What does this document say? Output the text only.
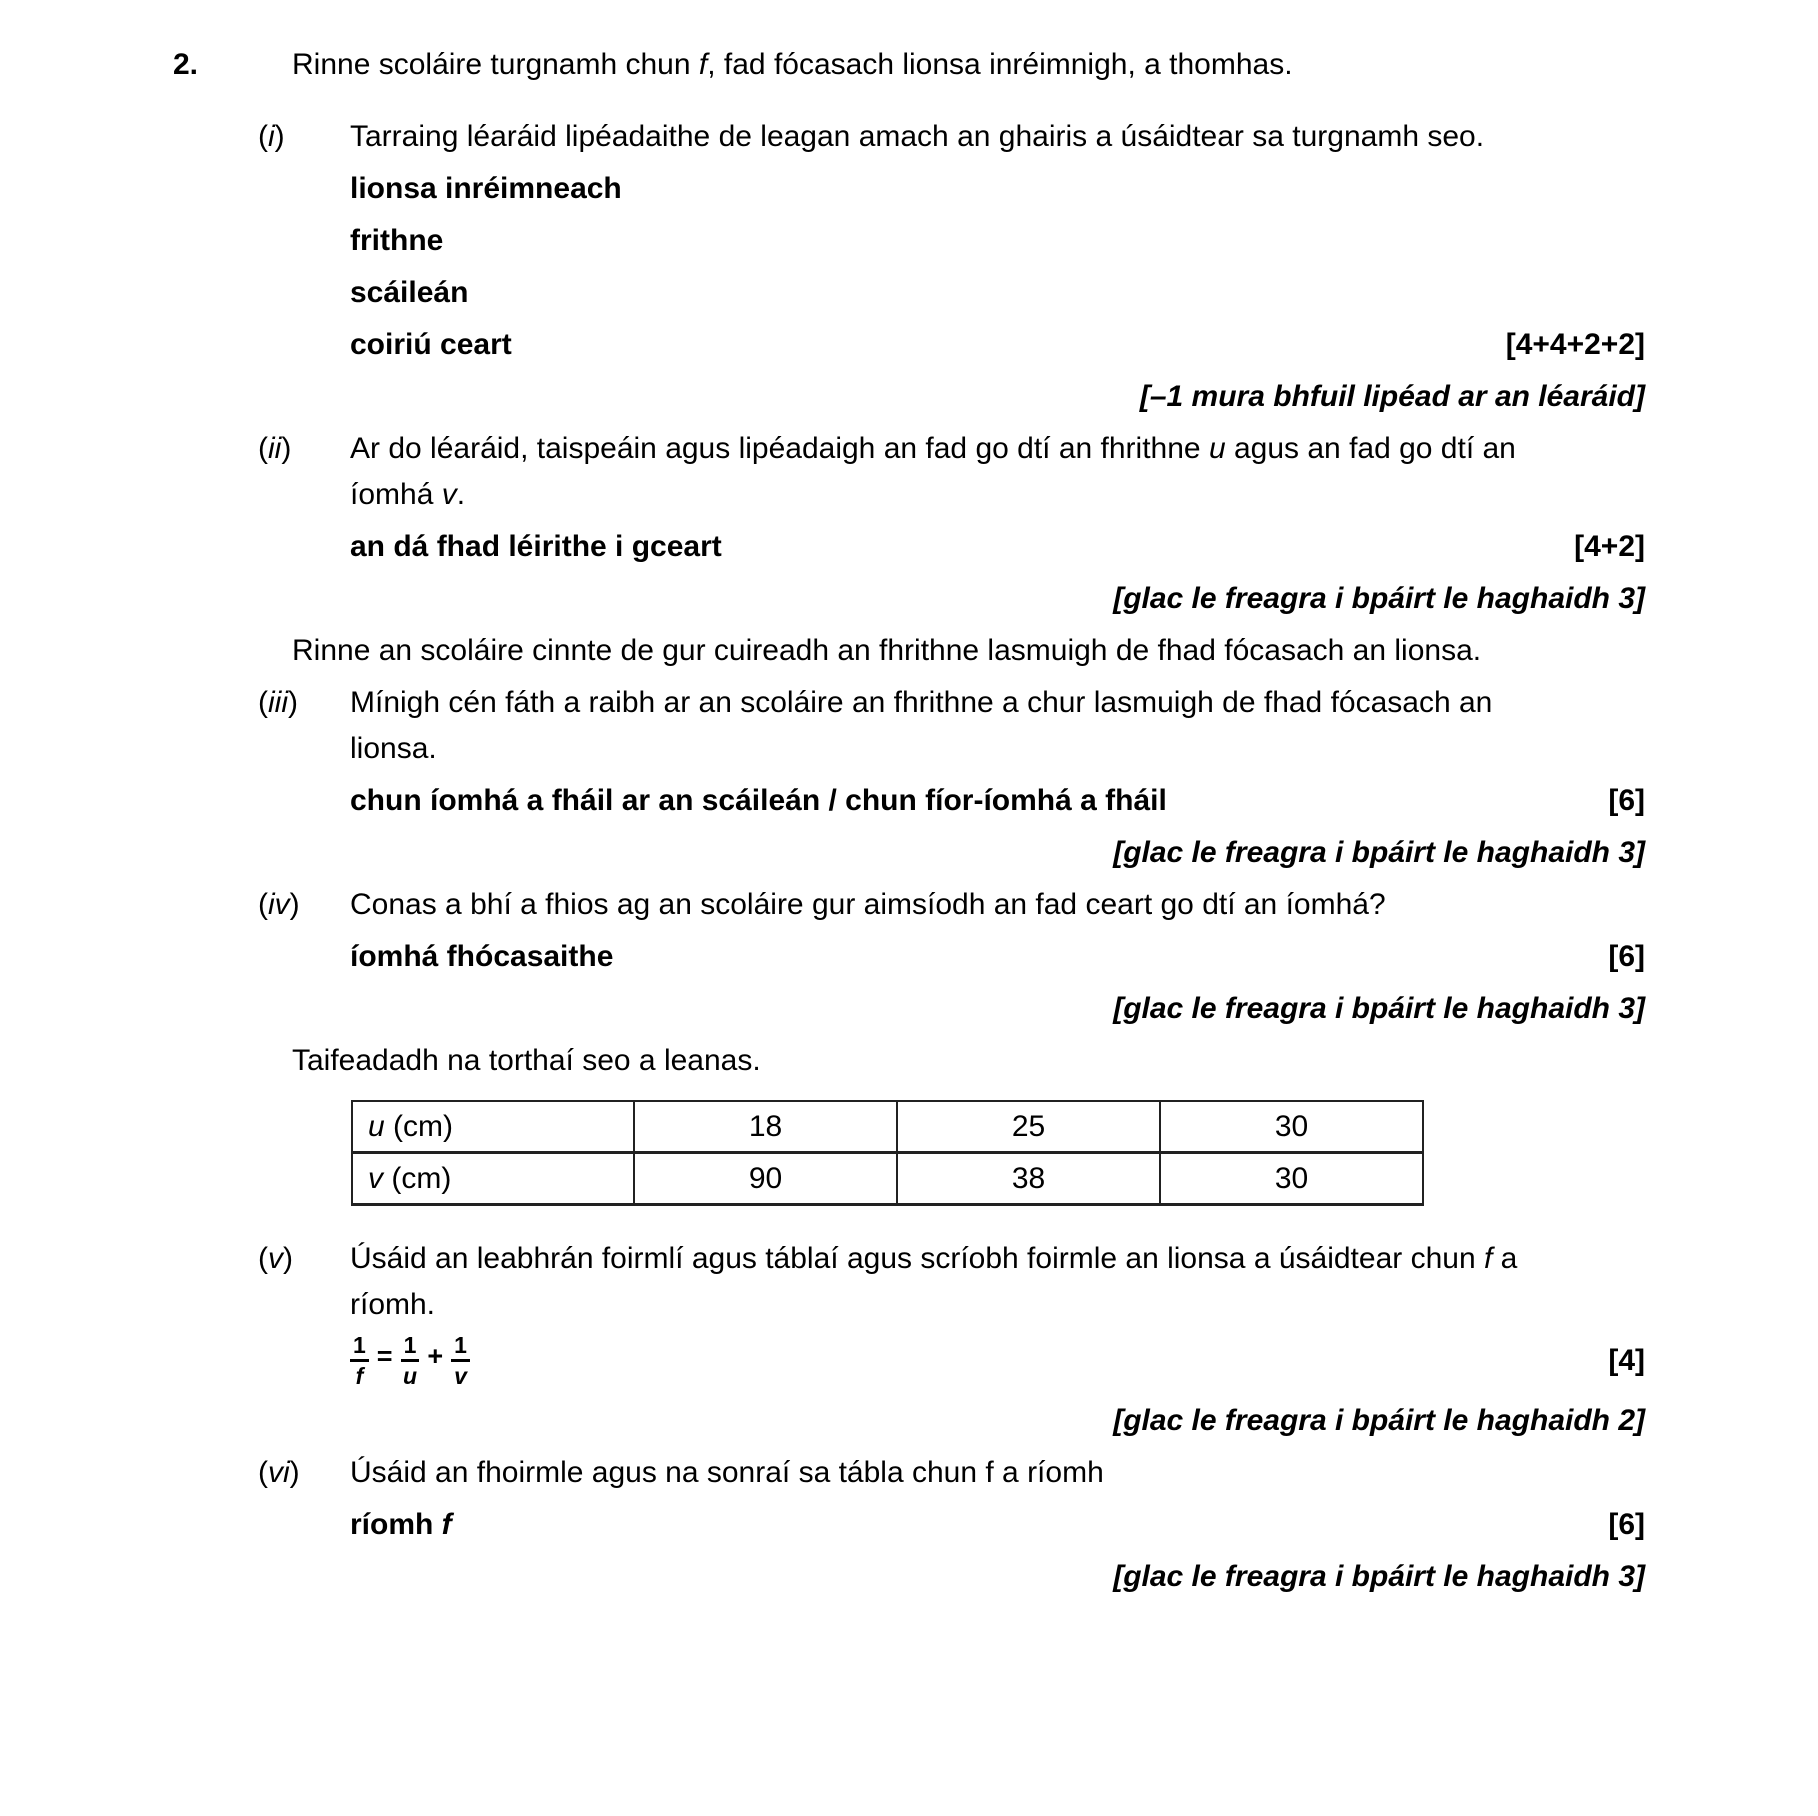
2.	Rinne scoláire turgnamh chun f, fad fócasach lionsa inréimnigh, a thomhas.
(i)	Tarraing léaráid lipéadaithe de leagan amach an ghairis a úsáidtear sa turgnamh seo.
lionsa inréimneach
frithne
scáileán
coiriú ceart	[4+4+2+2]
[–1 mura bhfuil lipéad ar an léaráid]
(ii)	Ar do léaráid, taispeáin agus lipéadaigh an fad go dtí an fhrithne u agus an fad go dtí an
íomhá v.
an dá fhad léirithe i gceart	[4+2]
[glac le freagra i bpáirt le haghaidh 3]
Rinne an scoláire cinnte de gur cuireadh an fhrithne lasmuigh de fhad fócasach an lionsa.
(iii)	Mínigh cén fáth a raibh ar an scoláire an fhrithne a chur lasmuigh de fhad fócasach an
lionsa.
chun íomhá a fháil ar an scáileán / chun fíor-íomhá a fháil	[6]
[glac le freagra i bpáirt le haghaidh 3]
(iv)	Conas a bhí a fhios ag an scoláire gur aimsíodh an fad ceart go dtí an íomhá?
íomhá fhócasaithe	[6]
[glac le freagra i bpáirt le haghaidh 3]
Taifeadadh na torthaí seo a leanas.
u (cm)	18	25	30
v (cm)	90	38	30
(v)	Úsáid an leabhrán foirmlí agus táblaí agus scríobh foirmle an lionsa a úsáidtear chun f a
ríomh.
$\frac{1}{f} = \frac{1}{u} + \frac{1}{v}$	[4]
[glac le freagra i bpáirt le haghaidh 2]
(vi)	Úsáid an fhoirmle agus na sonraí sa tábla chun f a ríomh
ríomh f	[6]
[glac le freagra i bpáirt le haghaidh 3]
